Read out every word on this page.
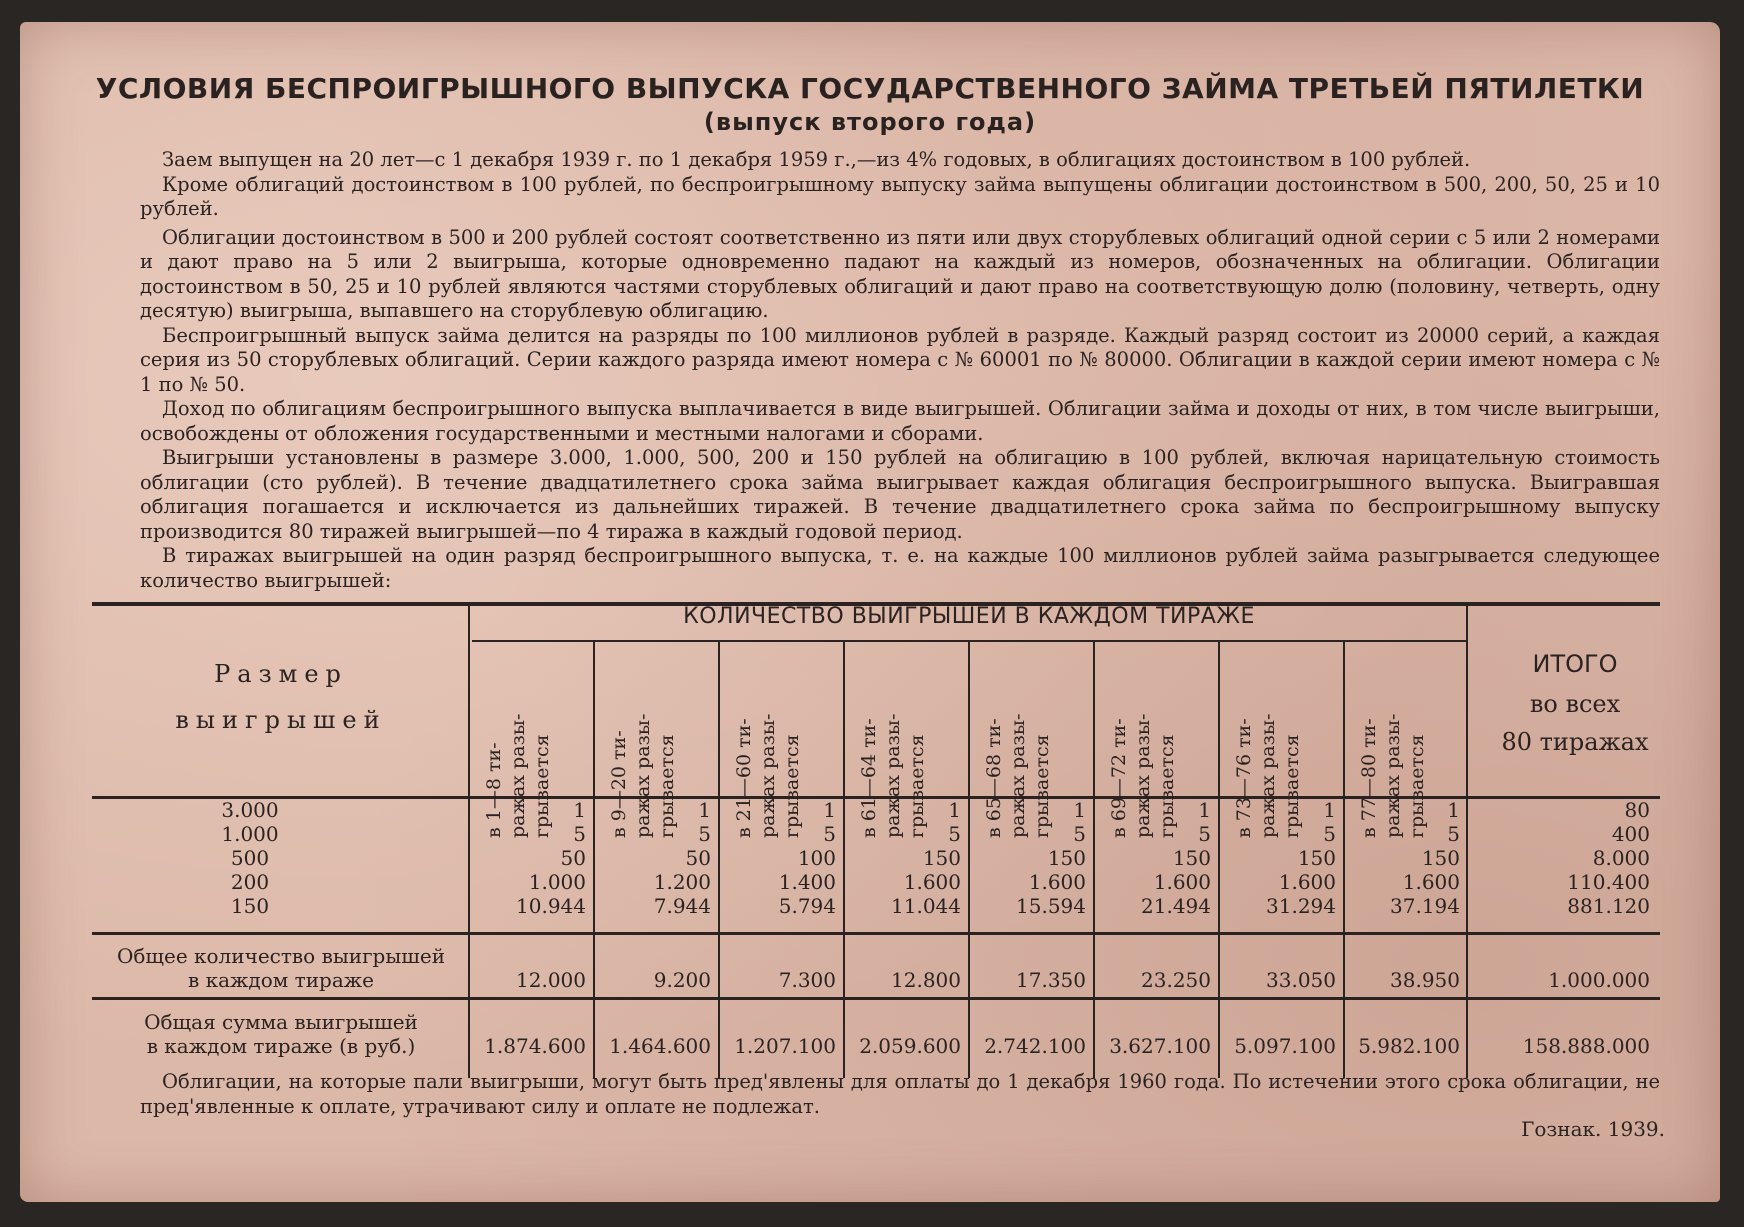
УСЛОВИЯ БЕСПРОИГРЫШНОГО ВЫПУСКА ГОСУДАРСТВЕННОГО ЗАЙМА ТРЕТЬЕЙ ПЯТИЛЕТКИ
(выпуск второго года)

Заем выпущен на 20 лет—с 1 декабря 1939 г. по 1 декабря 1959 г.,—из 4% годовых, в облигациях достоинством в 100 рублей.

Кроме облигаций достоинством в 100 рублей, по беспроигрышному выпуску займа выпущены облигации достоинством в 500, 200, 50, 25 и 10 рублей.

Облигации достоинством в 500 и 200 рублей состоят соответственно из пяти или двух сторублевых облигаций одной серии с 5 или 2 номерами и дают право на 5 или 2 выигрыша, которые одновременно падают на каждый из номеров, обозначенных на облигации. Облигации достоинством в 50, 25 и 10 рублей являются частями сторублевых облигаций и дают право на соответствующую долю (половину, четверть, одну десятую) выигрыша, выпавшего на сторублевую облигацию.

Беспроигрышный выпуск займа делится на разряды по 100 миллионов рублей в разряде. Каждый разряд состоит из 20000 серий, а каждая серия из 50 сторублевых облигаций. Серии каждого разряда имеют номера с № 60001 по № 80000. Облигации в каждой серии имеют номера с № 1 по № 50.

Доход по облигациям беспроигрышного выпуска выплачивается в виде выигрышей. Облигации займа и доходы от них, в том числе выигрыши, освобождены от обложения государственными и местными налогами и сборами.

Выигрыши установлены в размере 3.000, 1.000, 500, 200 и 150 рублей на облигацию в 100 рублей, включая нарицательную стоимость облигации (сто рублей). В течение двадцатилетнего срока займа выигрывает каждая облигация беспроигрышного выпуска. Выигравшая облигация погашается и исключается из дальнейших тиражей. В течение двадцатилетнего срока займа по беспроигрышному выпуску производится 80 тиражей выигрышей—по 4 тиража в каждый годовой период.

В тиражах выигрышей на один разряд беспроигрышного выпуска, т. е. на каждые 100 миллионов рублей займа разыгрывается следующее количество выигрышей:

Размер
выигрышей
КОЛИЧЕСТВО ВЫИГРЫШЕЙ В КАЖДОМ ТИРАЖЕ
ИТОГО
во всех
80 тиражах
в 1—8 ти- ражах разы- грывается	в 9—20 ти- ражах разы- грывается	в 21—60 ти- ражах разы- грывается	в 61—64 ти- ражах разы- грывается	в 65—68 ти- ражах разы- грывается	в 69—72 ти- ражах разы- грывается	в 73—76 ти- ражах разы- грывается	в 77—80 ти- ражах разы- грывается
3.000	1	1	1	1	1	1	1	1	80
1.000	5	5	5	5	5	5	5	5	400
500	50	50	100	150	150	150	150	150	8.000
200	1.000	1.200	1.400	1.600	1.600	1.600	1.600	1.600	110.400
150	10.944	7.944	5.794	11.044	15.594	21.494	31.294	37.194	881.120
Общее количество выигрышей
в каждом тираже	12.000	9.200	7.300	12.800	17.350	23.250	33.050	38.950	1.000.000
Общая сумма выигрышей
в каждом тираже (в руб.)	1.874.600	1.464.600	1.207.100	2.059.600	2.742.100	3.627.100	5.097.100	5.982.100	158.888.000

Облигации, на которые пали выигрыши, могут быть пред'явлены для оплаты до 1 декабря 1960 года. По истечении этого срока облигации, не пред'явленные к оплате, утрачивают силу и оплате не подлежат.

Гознак. 1939.
